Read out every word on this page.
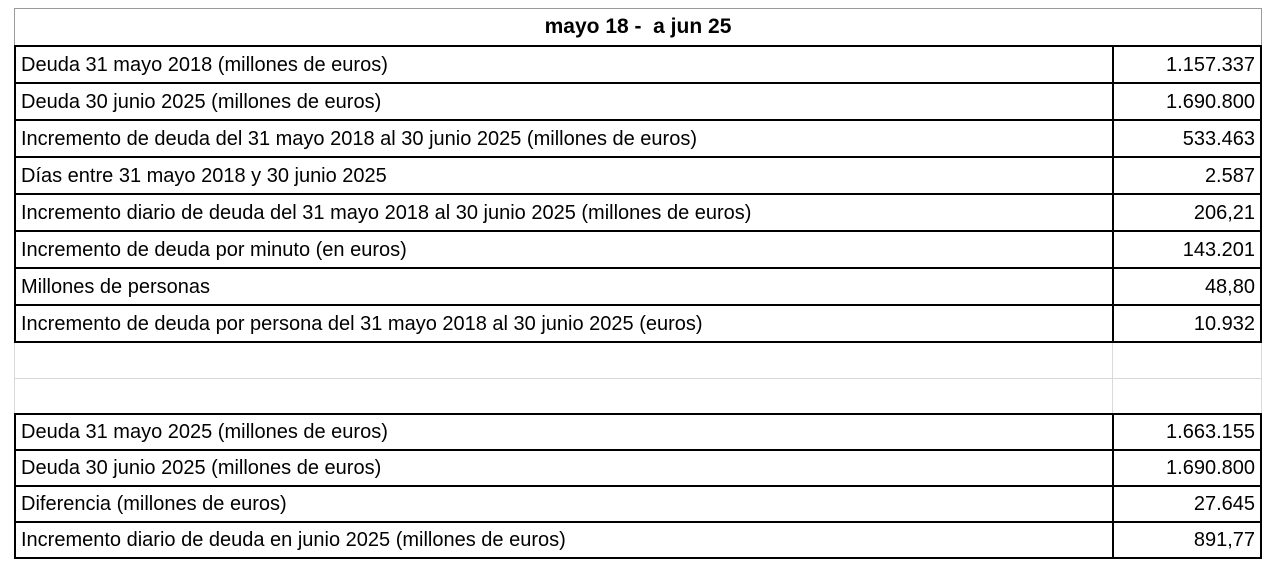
mayo 18 -  a jun 25
Deuda 31 mayo 2018 (millones de euros)	1.157.337
Deuda 30 junio 2025 (millones de euros)	1.690.800
Incremento de deuda del 31 mayo 2018 al 30 junio 2025 (millones de euros)	533.463
Días entre 31 mayo 2018 y 30 junio 2025	2.587
Incremento diario de deuda del 31 mayo 2018 al 30 junio 2025 (millones de euros)	206,21
Incremento de deuda por minuto (en euros)	143.201
Millones de personas	48,80
Incremento de deuda por persona del 31 mayo 2018 al 30 junio 2025 (euros)	10.932
Deuda 31 mayo 2025 (millones de euros)	1.663.155
Deuda 30 junio 2025 (millones de euros)	1.690.800
Diferencia (millones de euros)	27.645
Incremento diario de deuda en junio 2025 (millones de euros)	891,77
